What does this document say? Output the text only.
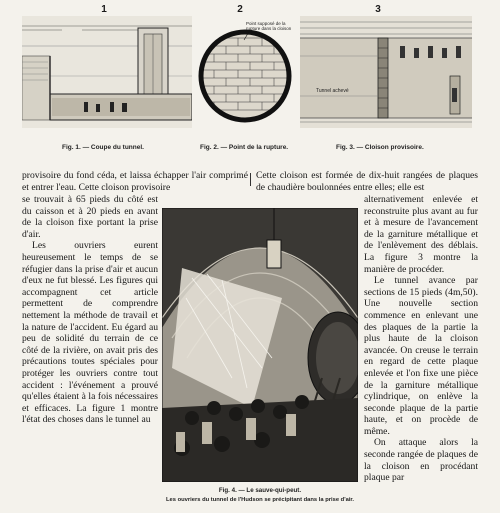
1
Fig. 1. — Coupe du tunnel.
2
Point supposé de la rupture dans la cloison
Fig. 2. — Point de la rupture.
3
Tunnel achevé
Fig. 3. — Cloison provisoire.
provisoire du fond céda, et laissa échapper l'air comprimé et entrer l'eau. Cette cloison provisoire
Cette cloison est formée de dix-huit rangées de plaques de chaudière boulonnées entre elles; elle est

se trouvait à 65 pieds du côté est du caisson et à 20 pieds en avant de la cloison fixe portant la prise d'air.

Les ouvriers eurent heureusement le temps de se réfugier dans la prise d'air et aucun d'eux ne fut blessé. Les figures qui accompagnent cet article permettent de comprendre nettement la méthode de travail et la nature de l'accident. Eu égard au peu de solidité du terrain de ce côté de la rivière, on avait pris des précautions toutes spéciales pour protéger les ouvriers contre tout accident : l'événement a prouvé qu'elles étaient à la fois nécessaires et efficaces. La figure 1 montre l'état des choses dans le tunnel au

Fig. 4. — Le sauve-qui-peut.
Les ouvriers du tunnel de l'Hudson se précipitant dans la prise d'air.

alternativement enlevée et reconstruite plus avant au fur et à mesure de l'avancement de la garniture métallique et de l'enlèvement des déblais. La figure 3 montre la manière de procéder.

Le tunnel avance par sections de 15 pieds (4m,50). Une nouvelle section commence en enlevant une des plaques de la partie la plus haute de la cloison avancée. On creuse le terrain en regard de cette plaque enlevée et l'on fixe une pièce de la garniture métallique cylindrique, on enlève la seconde plaque de la partie haute, et on procède de même.

On attaque alors la seconde rangée de plaques de la cloison en procédant plaque par
